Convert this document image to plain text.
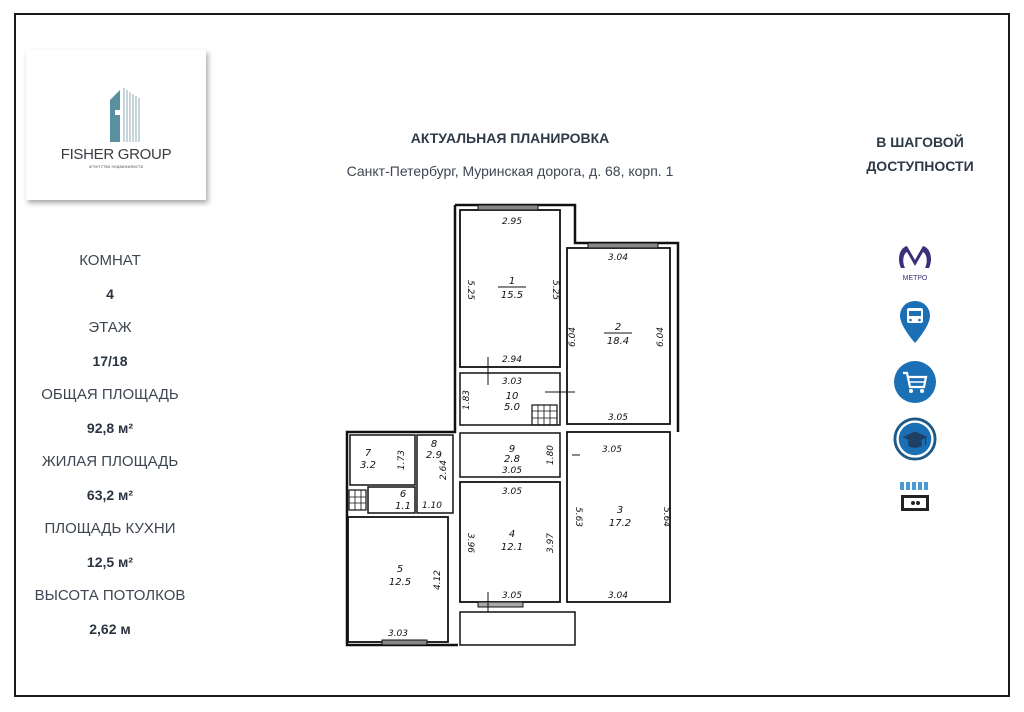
FISHER GROUP
агентство недвижимости
КОМНАТ
4
ЭТАЖ
17/18
ОБЩАЯ ПЛОЩАДЬ
92,8 м²
ЖИЛАЯ ПЛОЩАДЬ
63,2 м²
ПЛОЩАДЬ КУХНИ
12,5 м²
ВЫСОТА ПОТОЛКОВ
2,62 м
АКТУАЛЬНАЯ ПЛАНИРОВКА
Санкт-Петербург, Муринская дорога, д. 68, корп. 1
В ШАГОВОЙ
ДОСТУПНОСТИ
МЕТРО
1
15.5
2
18.4
3
17.2
4
12.1
5
12.5
6
1.1
7
3.2
8
2.9
9
2.8
10
5.0
2.95
2.94
5.25	5.25
3.04
3.05
6.04	6.04
3.05
3.04
5.63	5.64
3.05
3.05
3.96	3.97
4.12
3.03
1.10
1.73	2.64
1.80
3.05
3.03
1.83
